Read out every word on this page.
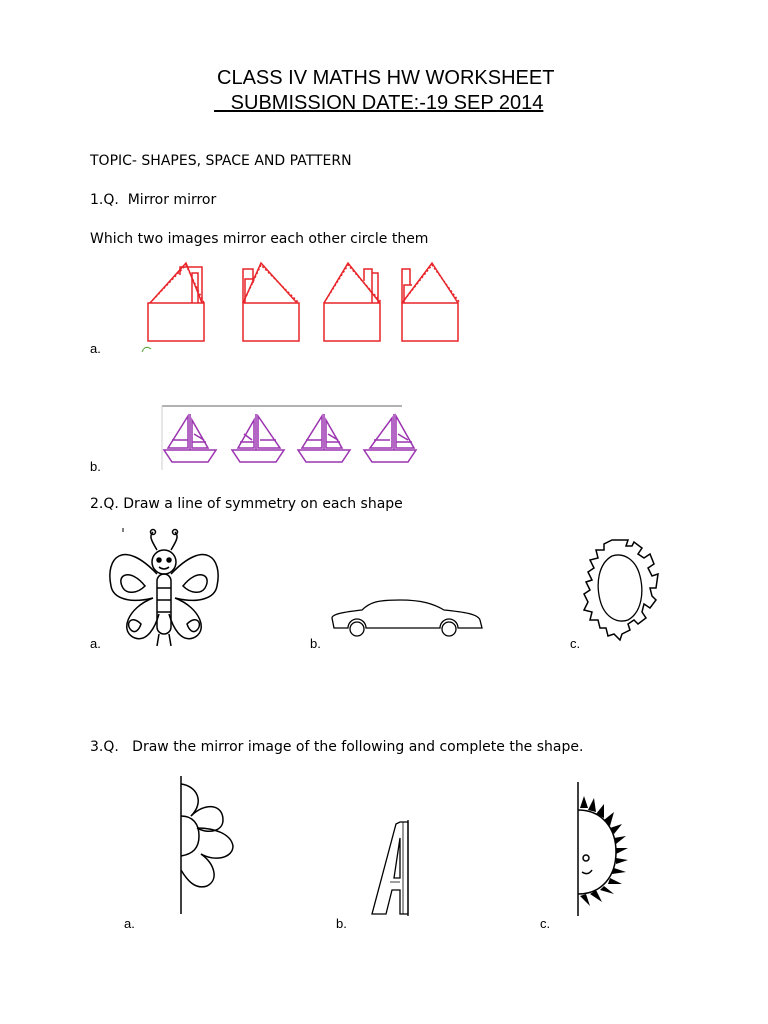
CLASS IV MATHS HW WORKSHEET
SUBMISSION DATE:-19 SEP 2014
TOPIC- SHAPES, SPACE AND PATTERN
1.Q.  Mirror mirror
Which two images mirror each other circle them
a.
b.
2.Q. Draw a line of symmetry on each shape
a.	b.	c.
3.Q.   Draw the mirror image of the following and complete the shape.
a.	b.	c.
